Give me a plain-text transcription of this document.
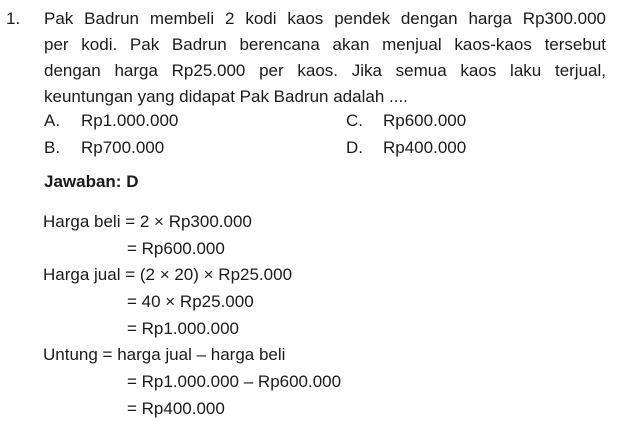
1. Pak Badrun membeli 2 kodi kaos pendek dengan harga Rp300.000
per kodi. Pak Badrun berencana akan menjual kaos-kaos tersebut
dengan harga Rp25.000 per kaos. Jika semua kaos laku terjual,
keuntungan yang didapat Pak Badrun adalah ....
A. Rp1.000.000
B. Rp700.000
C. Rp600.000
D. Rp400.000
Jawaban: D
Harga beli = 2 × Rp300.000
= Rp600.000
Harga jual = (2 × 20) × Rp25.000
= 40 × Rp25.000
= Rp1.000.000
Untung = harga jual – harga beli
= Rp1.000.000 – Rp600.000
= Rp400.000
